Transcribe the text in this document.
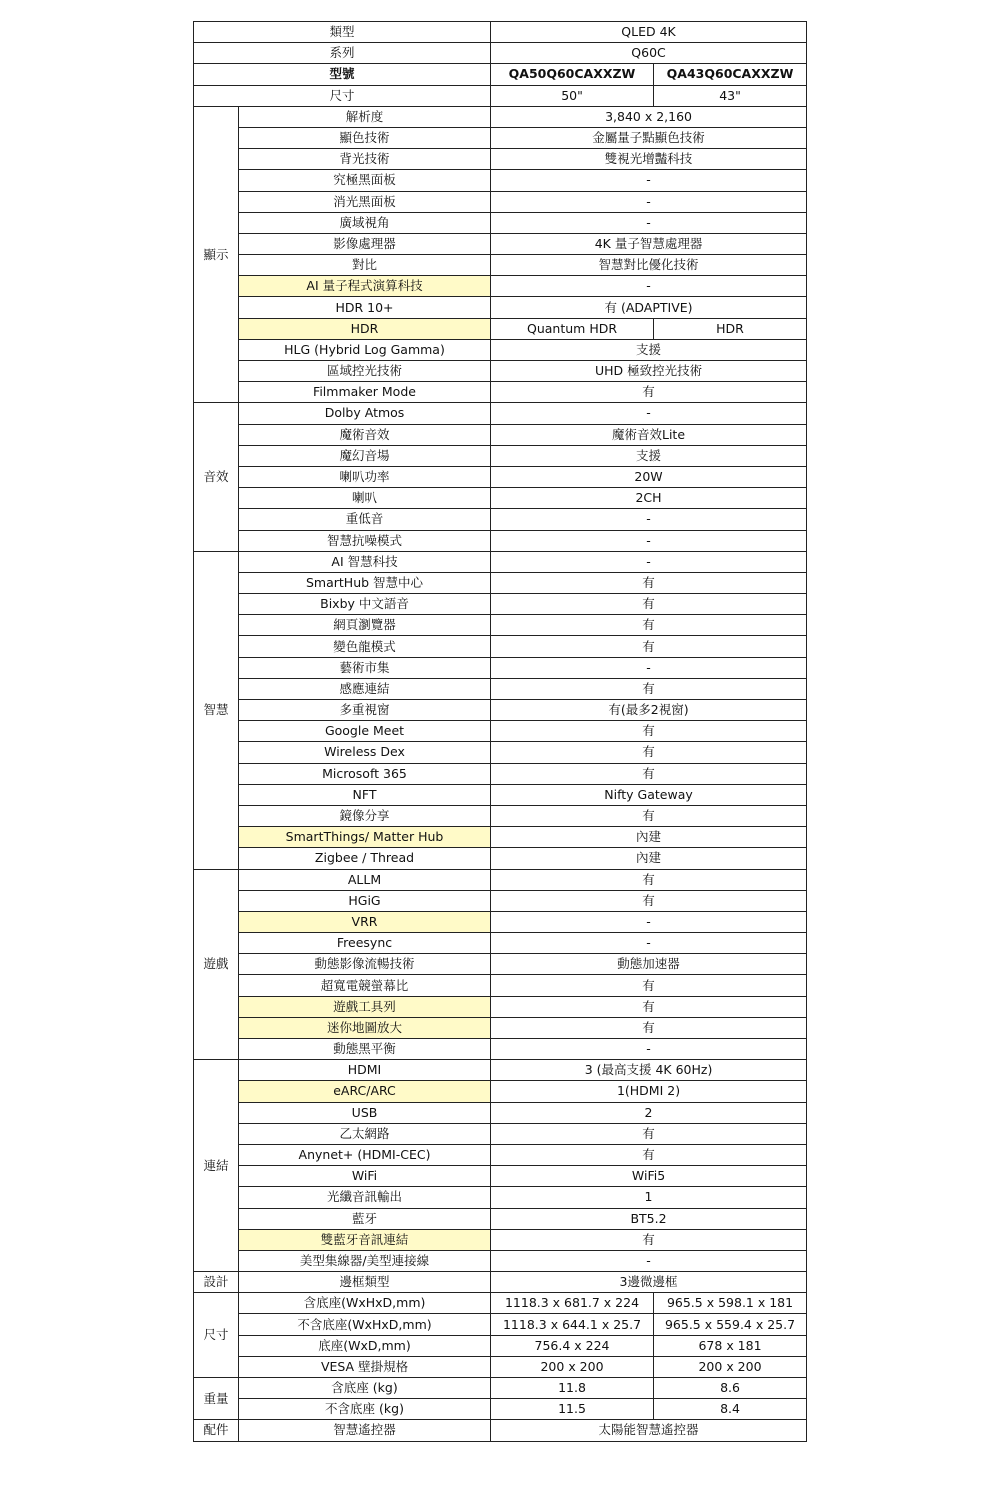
類型		QLED 4K	
系列		Q60C	
型號		QA50Q60CAXXZW	QA43Q60CAXXZW
尺寸		50"	43"
顯示	解析度	3,840 x 2,160	
	顯色技術	金屬量子點顯色技術	
	背光技術	雙視光增豔科技	
	究極黑面板	-	
	消光黑面板	-	
	廣域視角	-	
	影像處理器	4K 量子智慧處理器	
	對比	智慧對比優化技術	
	AI 量子程式演算科技	-	
	HDR 10+	有 (ADAPTIVE)	
	HDR	Quantum HDR	HDR
	HLG (Hybrid Log Gamma)	支援	
	區域控光技術	UHD 極致控光技術	
	Filmmaker Mode	有	
音效	Dolby Atmos	-	
	魔術音效	魔術音效Lite	
	魔幻音場	支援	
	喇叭功率	20W	
	喇叭	2CH	
	重低音	-	
	智慧抗噪模式	-	
智慧	AI 智慧科技	-	
	SmartHub 智慧中心	有	
	Bixby 中文語音	有	
	網頁瀏覽器	有	
	變色龍模式	有	
	藝術市集	-	
	感應連結	有	
	多重視窗	有(最多2視窗)	
	Google Meet	有	
	Wireless Dex	有	
	Microsoft 365	有	
	NFT	Nifty Gateway	
	鏡像分享	有	
	SmartThings/ Matter Hub	內建	
	Zigbee / Thread	內建	
遊戲	ALLM	有	
	HGiG	有	
	VRR	-	
	Freesync	-	
	動態影像流暢技術	動態加速器	
	超寬電競螢幕比	有	
	遊戲工具列	有	
	迷你地圖放大	有	
	動態黑平衡	-	
連結	HDMI	3 (最高支援 4K 60Hz)	
	eARC/ARC	1(HDMI 2)	
	USB	2	
	乙太網路	有	
	Anynet+ (HDMI-CEC)	有	
	WiFi	WiFi5	
	光纖音訊輸出	1	
	藍牙	BT5.2	
	雙藍牙音訊連結	有	
	美型集線器/美型連接線	-	
設計	邊框類型	3邊微邊框	
尺寸	含底座(WxHxD,mm)	1118.3 x 681.7 x 224	965.5 x 598.1 x 181
	不含底座(WxHxD,mm)	1118.3 x 644.1 x 25.7	965.5 x 559.4 x 25.7
	底座(WxD,mm)	756.4 x 224	678 x 181
	VESA 壁掛規格	200 x 200	200 x 200
重量	含底座 (kg)	11.8	8.6
	不含底座 (kg)	11.5	8.4
配件	智慧遙控器	太陽能智慧遙控器	
